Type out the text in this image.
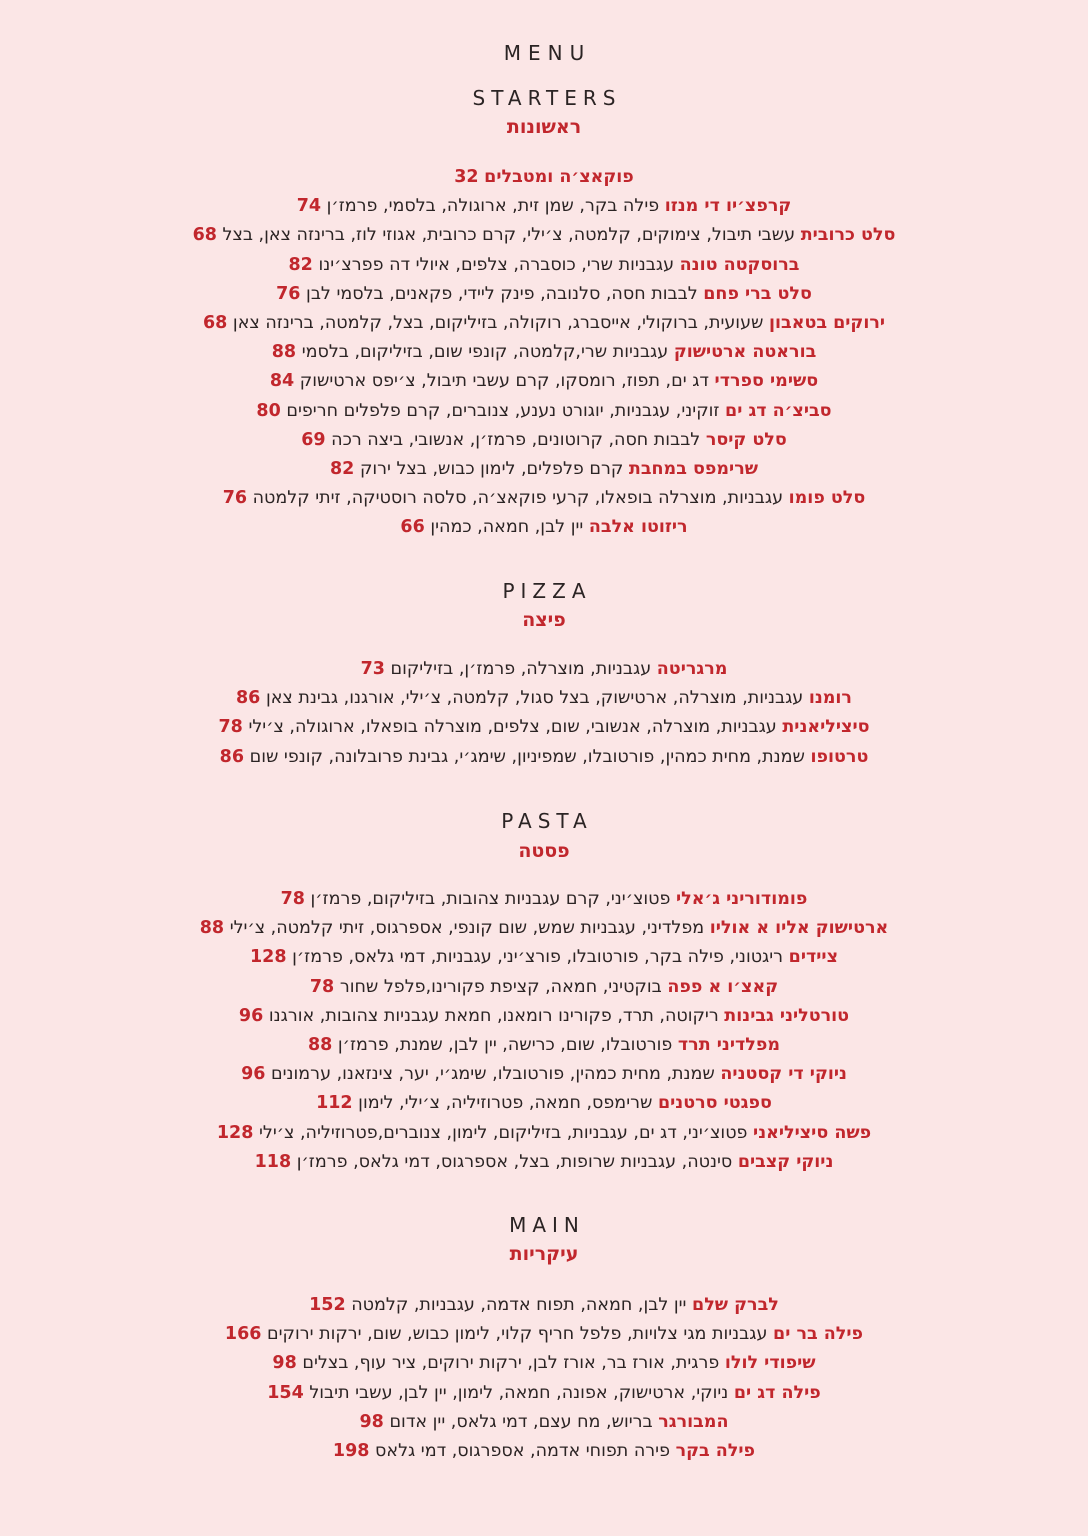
MENU
STARTERS
ראשונות
פוקאצ׳ה ומטבלים 32
קרפצ׳יו די מנזו פילה בקר, שמן זית, ארוגולה, בלסמי, פרמז׳ן 74
סלט כרובית עשבי תיבול, צימוקים, קלמטה, צ׳ילי, קרם כרובית, אגוזי לוז, ברינזה צאן, בצל 68
ברוסקטה טונה עגבניות שרי, כוסברה, צלפים, איולי דה פפרצ׳ינו 82
סלט ברי פחם לבבות חסה, סלנובה, פינק ליידי, פקאנים, בלסמי לבן 76
ירוקים בטאבון שעועית, ברוקולי, אייסברג, רוקולה, בזיליקום, בצל, קלמטה, ברינזה צאן 68
בוראטה ארטישוק עגבניות שרי,קלמטה, קונפי שום, בזיליקום, בלסמי 88
סשימי ספרדי דג ים, תפוז, רומסקו, קרם עשבי תיבול, צ׳יפס ארטישוק 84
סביצ׳ה דג ים זוקיני, עגבניות, יוגורט נענע, צנוברים, קרם פלפלים חריפים 80
סלט קיסר לבבות חסה, קרוטונים, פרמז׳ן, אנשובי, ביצה רכה 69
שרימפס במחבת קרם פלפלים, לימון כבוש, בצל ירוק 82
סלט פומו עגבניות, מוצרלה בופאלו, קרעי פוקאצ׳ה, סלסה רוסטיקה, זיתי קלמטה 76
ריזוטו אלבה יין לבן, חמאה, כמהין 66
PIZZA
פיצה
מרגריטה עגבניות, מוצרלה, פרמז׳ן, בזיליקום 73
רומנו עגבניות, מוצרלה, ארטישוק, בצל סגול, קלמטה, צ׳ילי, אורגנו, גבינת צאן 86
סיציליאנית עגבניות, מוצרלה, אנשובי, שום, צלפים, מוצרלה בופאלו, ארוגולה, צ׳ילי 78
טרטופו שמנת, מחית כמהין, פורטובלו, שמפיניון, שימג׳י, גבינת פרובלונה, קונפי שום 86
PASTA
פסטה
פומודוריני ג׳אלי פטוצ׳יני, קרם עגבניות צהובות, בזיליקום, פרמז׳ן 78
ארטישוק אליו א אוליו מפלדיני, עגבניות שמש, שום קונפי, אספרגוס, זיתי קלמטה, צ׳ילי 88
ציידים ריגטוני, פילה בקר, פורטובלו, פורצ׳יני, עגבניות, דמי גלאס, פרמז׳ן 128
קאצ׳ו א פפה בוקטיני, חמאה, קציפת פקורינו,פלפל שחור 78
טורטליני גבינות ריקוטה, תרד, פקורינו רומאנו, חמאת עגבניות צהובות, אורגנו 96
מפלדיני תרד פורטובלו, שום, כרישה, יין לבן, שמנת, פרמז׳ן 88
ניוקי די קסטניה שמנת, מחית כמהין, פורטובלו, שימג׳י, יער, צינזאנו, ערמונים 96
ספגטי סרטנים שרימפס, חמאה, פטרוזיליה, צ׳ילי, לימון 112
פשה סיציליאני פטוצ׳יני, דג ים, עגבניות, בזיליקום, לימון, צנוברים,פטרוזיליה, צ׳ילי 128
ניוקי קצבים סינטה, עגבניות שרופות, בצל, אספרגוס, דמי גלאס, פרמז׳ן 118
MAIN
עיקריות
לברק שלם יין לבן, חמאה, תפוח אדמה, עגבניות, קלמטה 152
פילה בר ים עגבניות מגי צלויות, פלפל חריף קלוי, לימון כבוש, שום, ירקות ירוקים 166
שיפודי לולו פרגית, אורז בר, אורז לבן, ירקות ירוקים, ציר עוף, בצלים 98
פילה דג ים ניוקי, ארטישוק, אפונה, חמאה, לימון, יין לבן, עשבי תיבול 154
המבורגר בריוש, מח עצם, דמי גלאס, יין אדום 98
פילה בקר פירה תפוחי אדמה, אספרגוס, דמי גלאס 198
